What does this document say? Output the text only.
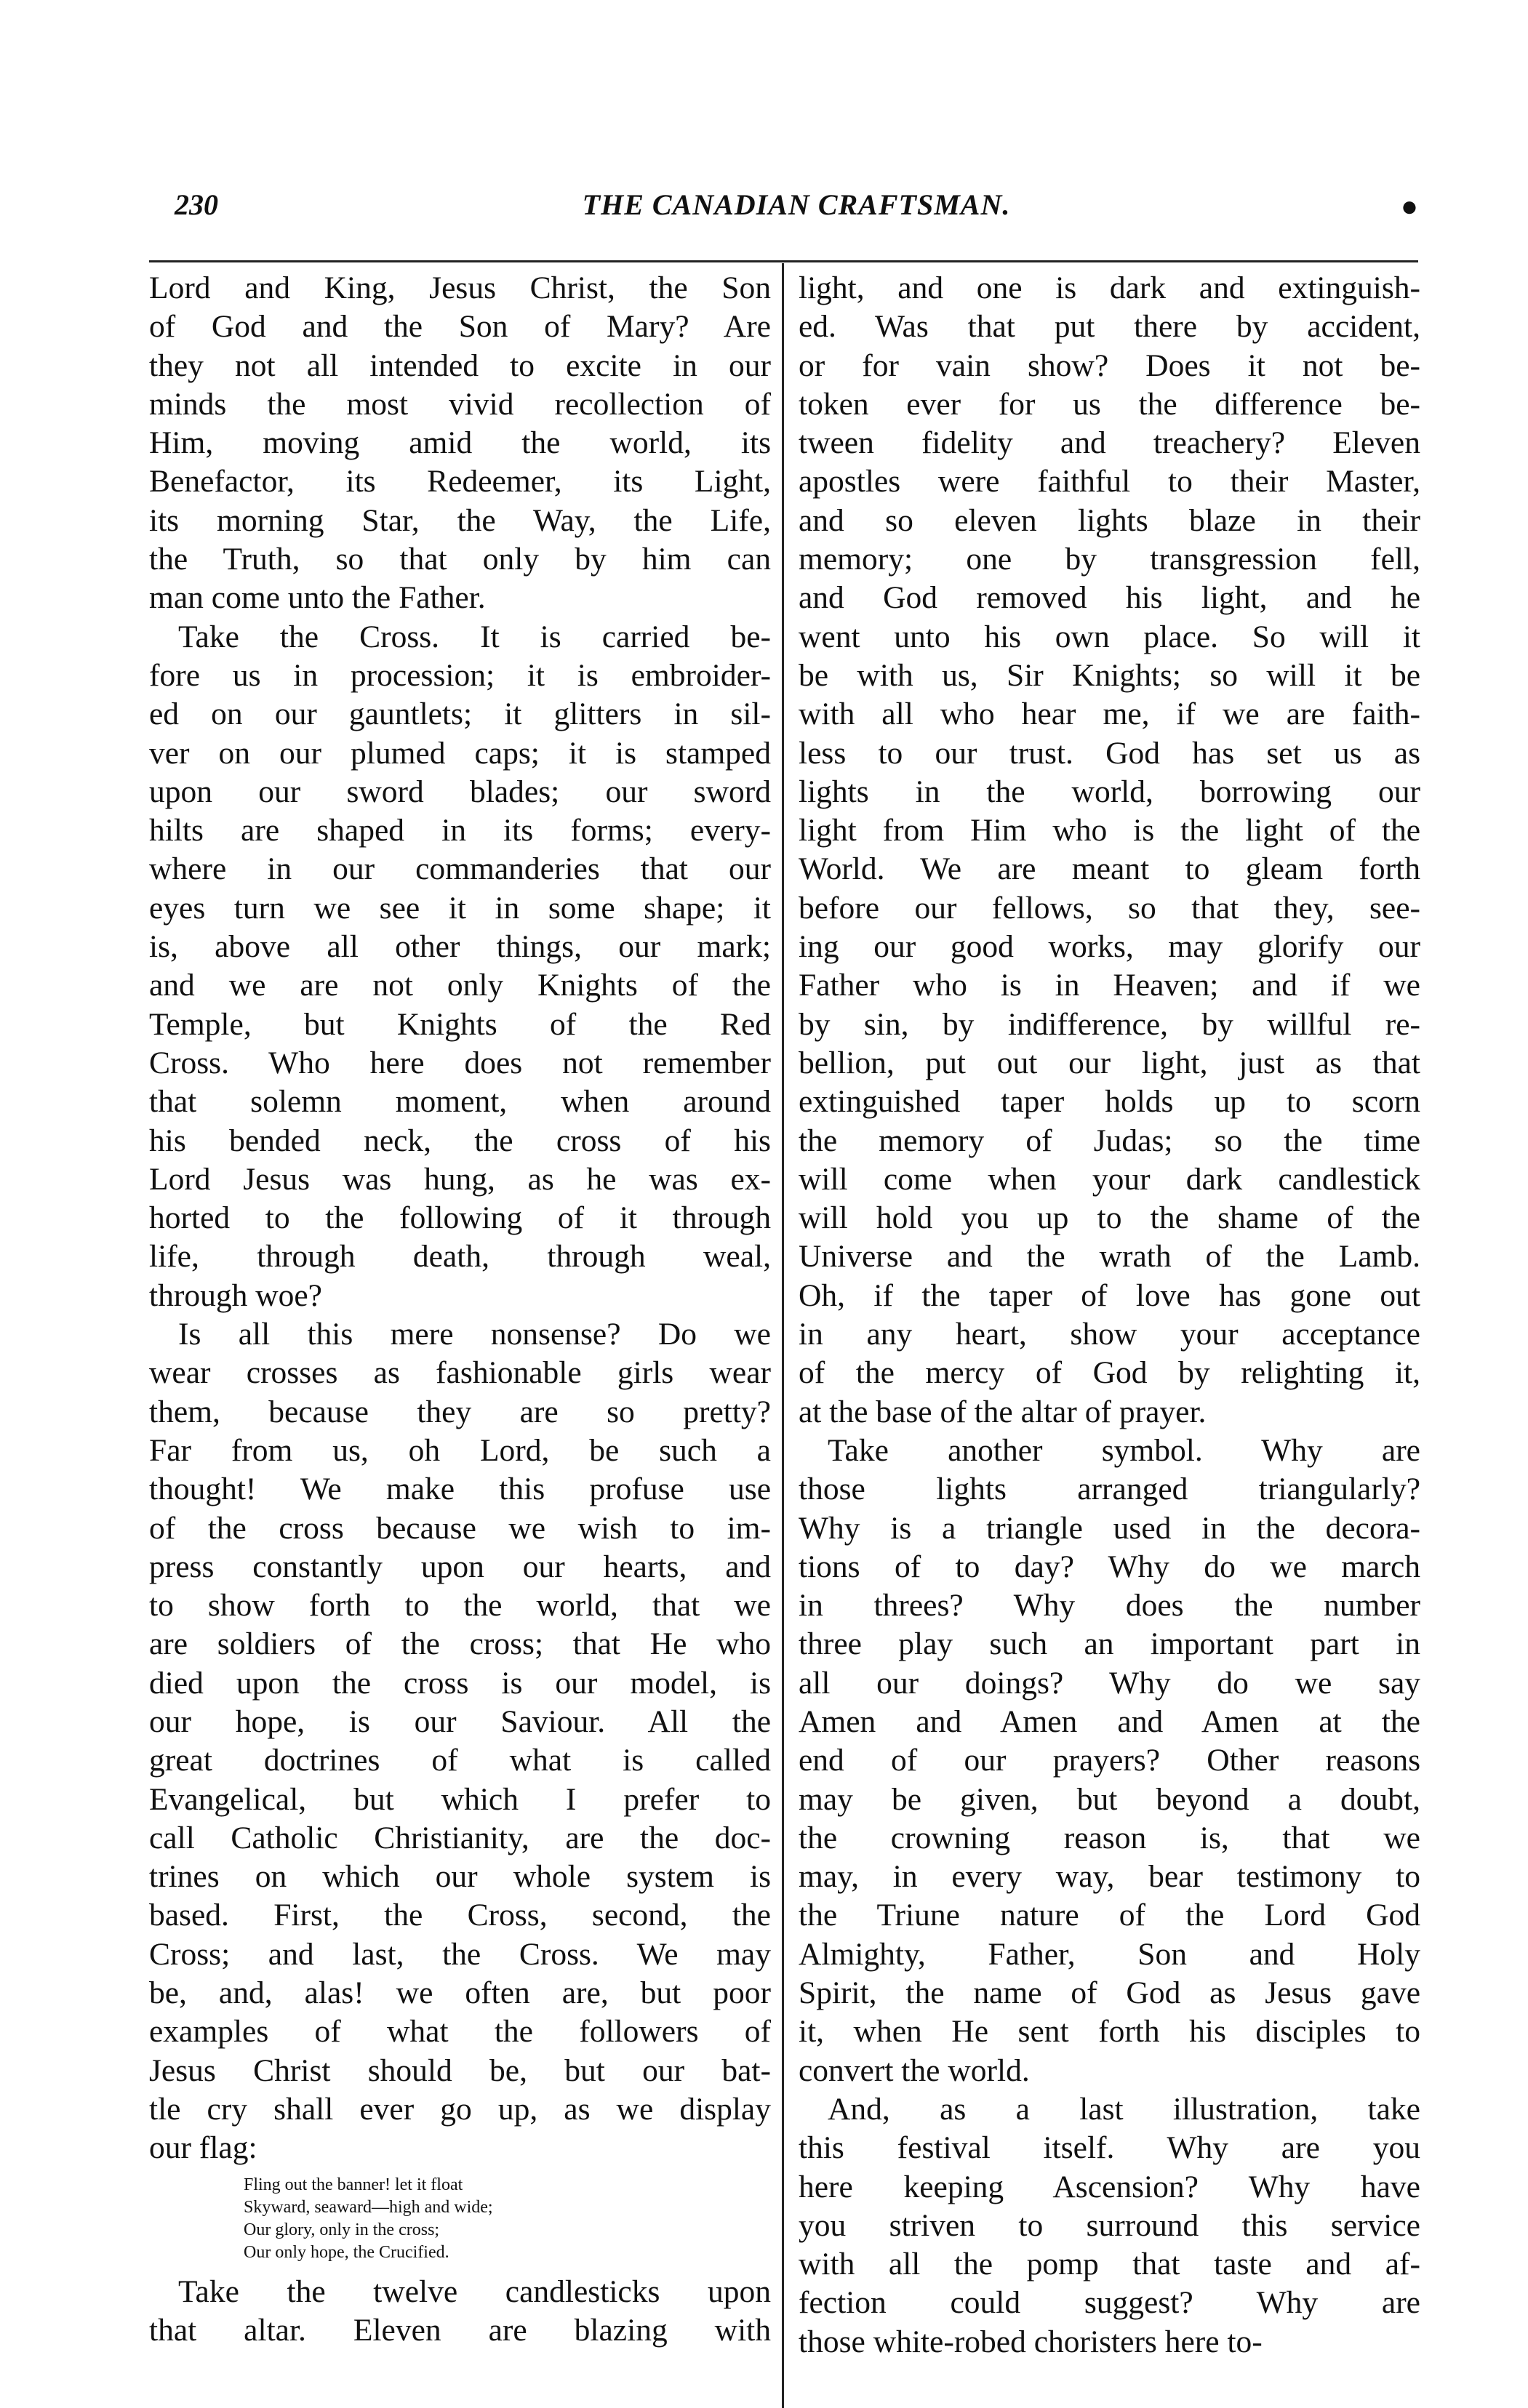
230	THE CANADIAN CRAFTSMAN.	●
Lord and King, Jesus Christ, the Son
of God and the Son of Mary? Are
they not all intended to excite in our
minds the most vivid recollection of
Him, moving amid the world, its
Benefactor, its Redeemer, its Light,
its morning Star, the Way, the Life,
the Truth, so that only by him can
man come unto the Father.
Take the Cross. It is carried be-
fore us in procession; it is embroider-
ed on our gauntlets; it glitters in sil-
ver on our plumed caps; it is stamped
upon our sword blades; our sword
hilts are shaped in its forms; every-
where in our commanderies that our
eyes turn we see it in some shape; it
is, above all other things, our mark;
and we are not only Knights of the
Temple, but Knights of the Red
Cross. Who here does not remember
that solemn moment, when around
his bended neck, the cross of his
Lord Jesus was hung, as he was ex-
horted to the following of it through
life, through death, through weal,
through woe?
Is all this mere nonsense? Do we
wear crosses as fashionable girls wear
them, because they are so pretty?
Far from us, oh Lord, be such a
thought! We make this profuse use
of the cross because we wish to im-
press constantly upon our hearts, and
to show forth to the world, that we
are soldiers of the cross; that He who
died upon the cross is our model, is
our hope, is our Saviour. All the
great doctrines of what is called
Evangelical, but which I prefer to
call Catholic Christianity, are the doc-
trines on which our whole system is
based. First, the Cross, second, the
Cross; and last, the Cross. We may
be, and, alas! we often are, but poor
examples of what the followers of
Jesus Christ should be, but our bat-
tle cry shall ever go up, as we display
our flag:
Fling out the banner! let it float
Skyward, seaward—high and wide;
Our glory, only in the cross;
Our only hope, the Crucified.
Take the twelve candlesticks upon
that altar. Eleven are blazing with
light, and one is dark and extinguish-
ed. Was that put there by accident,
or for vain show? Does it not be-
token ever for us the difference be-
tween fidelity and treachery? Eleven
apostles were faithful to their Master,
and so eleven lights blaze in their
memory; one by transgression fell,
and God removed his light, and he
went unto his own place. So will it
be with us, Sir Knights; so will it be
with all who hear me, if we are faith-
less to our trust. God has set us as
lights in the world, borrowing our
light from Him who is the light of the
World. We are meant to gleam forth
before our fellows, so that they, see-
ing our good works, may glorify our
Father who is in Heaven; and if we
by sin, by indifference, by willful re-
bellion, put out our light, just as that
extinguished taper holds up to scorn
the memory of Judas; so the time
will come when your dark candlestick
will hold you up to the shame of the
Universe and the wrath of the Lamb.
Oh, if the taper of love has gone out
in any heart, show your acceptance
of the mercy of God by relighting it,
at the base of the altar of prayer.
Take another symbol. Why are
those lights arranged triangularly?
Why is a triangle used in the decora-
tions of to day? Why do we march
in threes? Why does the number
three play such an important part in
all our doings? Why do we say
Amen and Amen and Amen at the
end of our prayers? Other reasons
may be given, but beyond a doubt,
the crowning reason is, that we
may, in every way, bear testimony to
the Triune nature of the Lord God
Almighty, Father, Son and Holy
Spirit, the name of God as Jesus gave
it, when He sent forth his disciples to
convert the world.
And, as a last illustration, take
this festival itself. Why are you
here keeping Ascension? Why have
you striven to surround this service
with all the pomp that taste and af-
fection could suggest? Why are
those white-robed choristers here to-
